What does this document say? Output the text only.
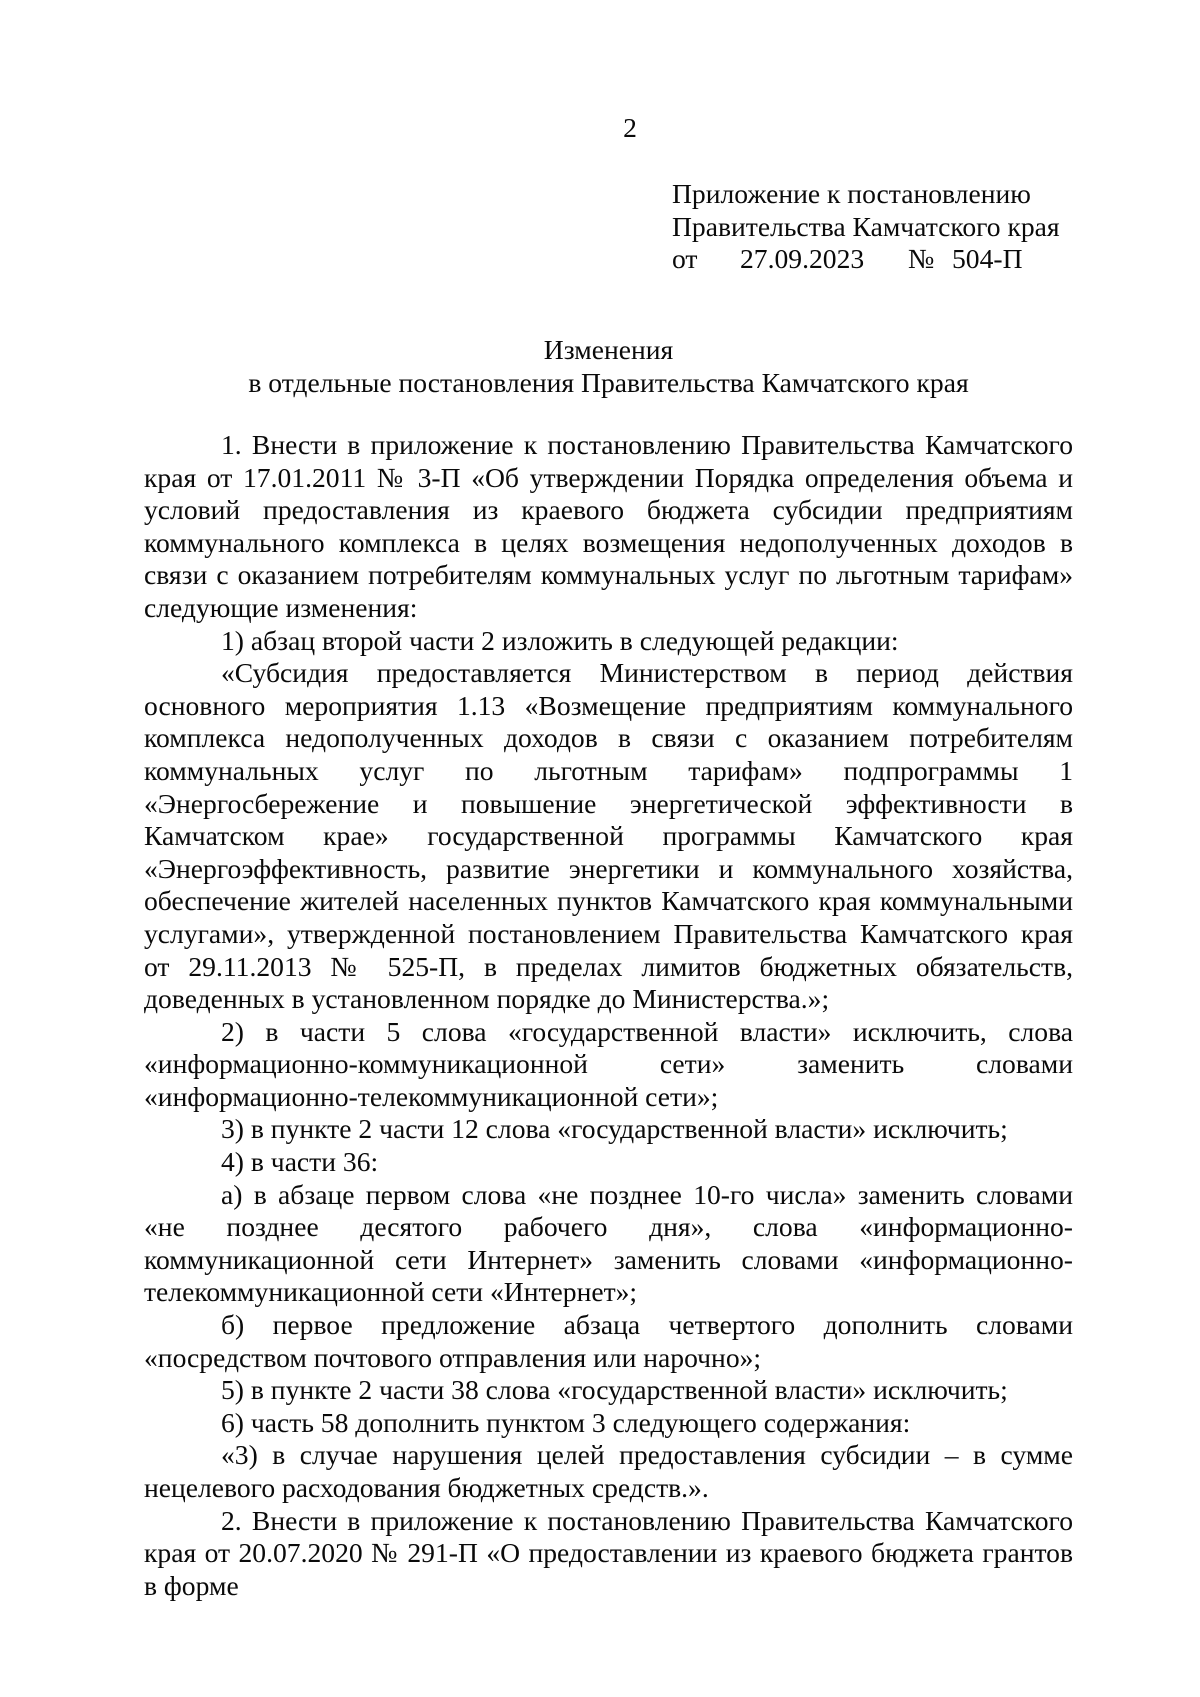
2

Приложение к постановлению
Правительства Камчатского края
от 27.09.2023 № 504-П
Изменения
в отдельные постановления Правительства Камчатского края

1. Внести в приложение к постановлению Правительства Камчатского края от 17.01.2011 № 3-П «Об утверждении Порядка определения объема и условий предоставления из краевого бюджета субсидии предприятиям коммунального комплекса в целях возмещения недополученных доходов в связи с оказанием потребителям коммунальных услуг по льготным тарифам» следующие изменения:

1) абзац второй части 2 изложить в следующей редакции:

«Субсидия предоставляется Министерством в период действия основного мероприятия 1.13 «Возмещение предприятиям коммунального комплекса недополученных доходов в связи с оказанием потребителям коммунальных услуг по льготным тарифам» подпрограммы 1 «Энергосбережение и повышение энергетической эффективности в Камчатском крае» государственной программы Камчатского края «Энергоэффективность, развитие энергетики и коммунального хозяйства, обеспечение жителей населенных пунктов Камчатского края коммунальными услугами», утвержденной постановлением Правительства Камчатского края от 29.11.2013 № 525-П, в пределах лимитов бюджетных обязательств, доведенных в установленном порядке до Министерства.»;

2) в части 5 слова «государственной власти» исключить, слова «информационно-коммуникационной сети» заменить словами «информационно-телекоммуникационной сети»;

3) в пункте 2 части 12 слова «государственной власти» исключить;

4) в части 36:

а) в абзаце первом слова «не позднее 10-го числа» заменить словами «не позднее десятого рабочего дня», слова «информационно-коммуникационной сети Интернет» заменить словами «информационно-телекоммуникационной сети «Интернет»;

б) первое предложение абзаца четвертого дополнить словами «посредством почтового отправления или нарочно»;

5) в пункте 2 части 38 слова «государственной власти» исключить;

6) часть 58 дополнить пунктом 3 следующего содержания:

«3) в случае нарушения целей предоставления субсидии – в сумме нецелевого расходования бюджетных средств.».

2. Внести в приложение к постановлению Правительства Камчатского края от 20.07.2020 № 291-П «О предоставлении из краевого бюджета грантов в форме
